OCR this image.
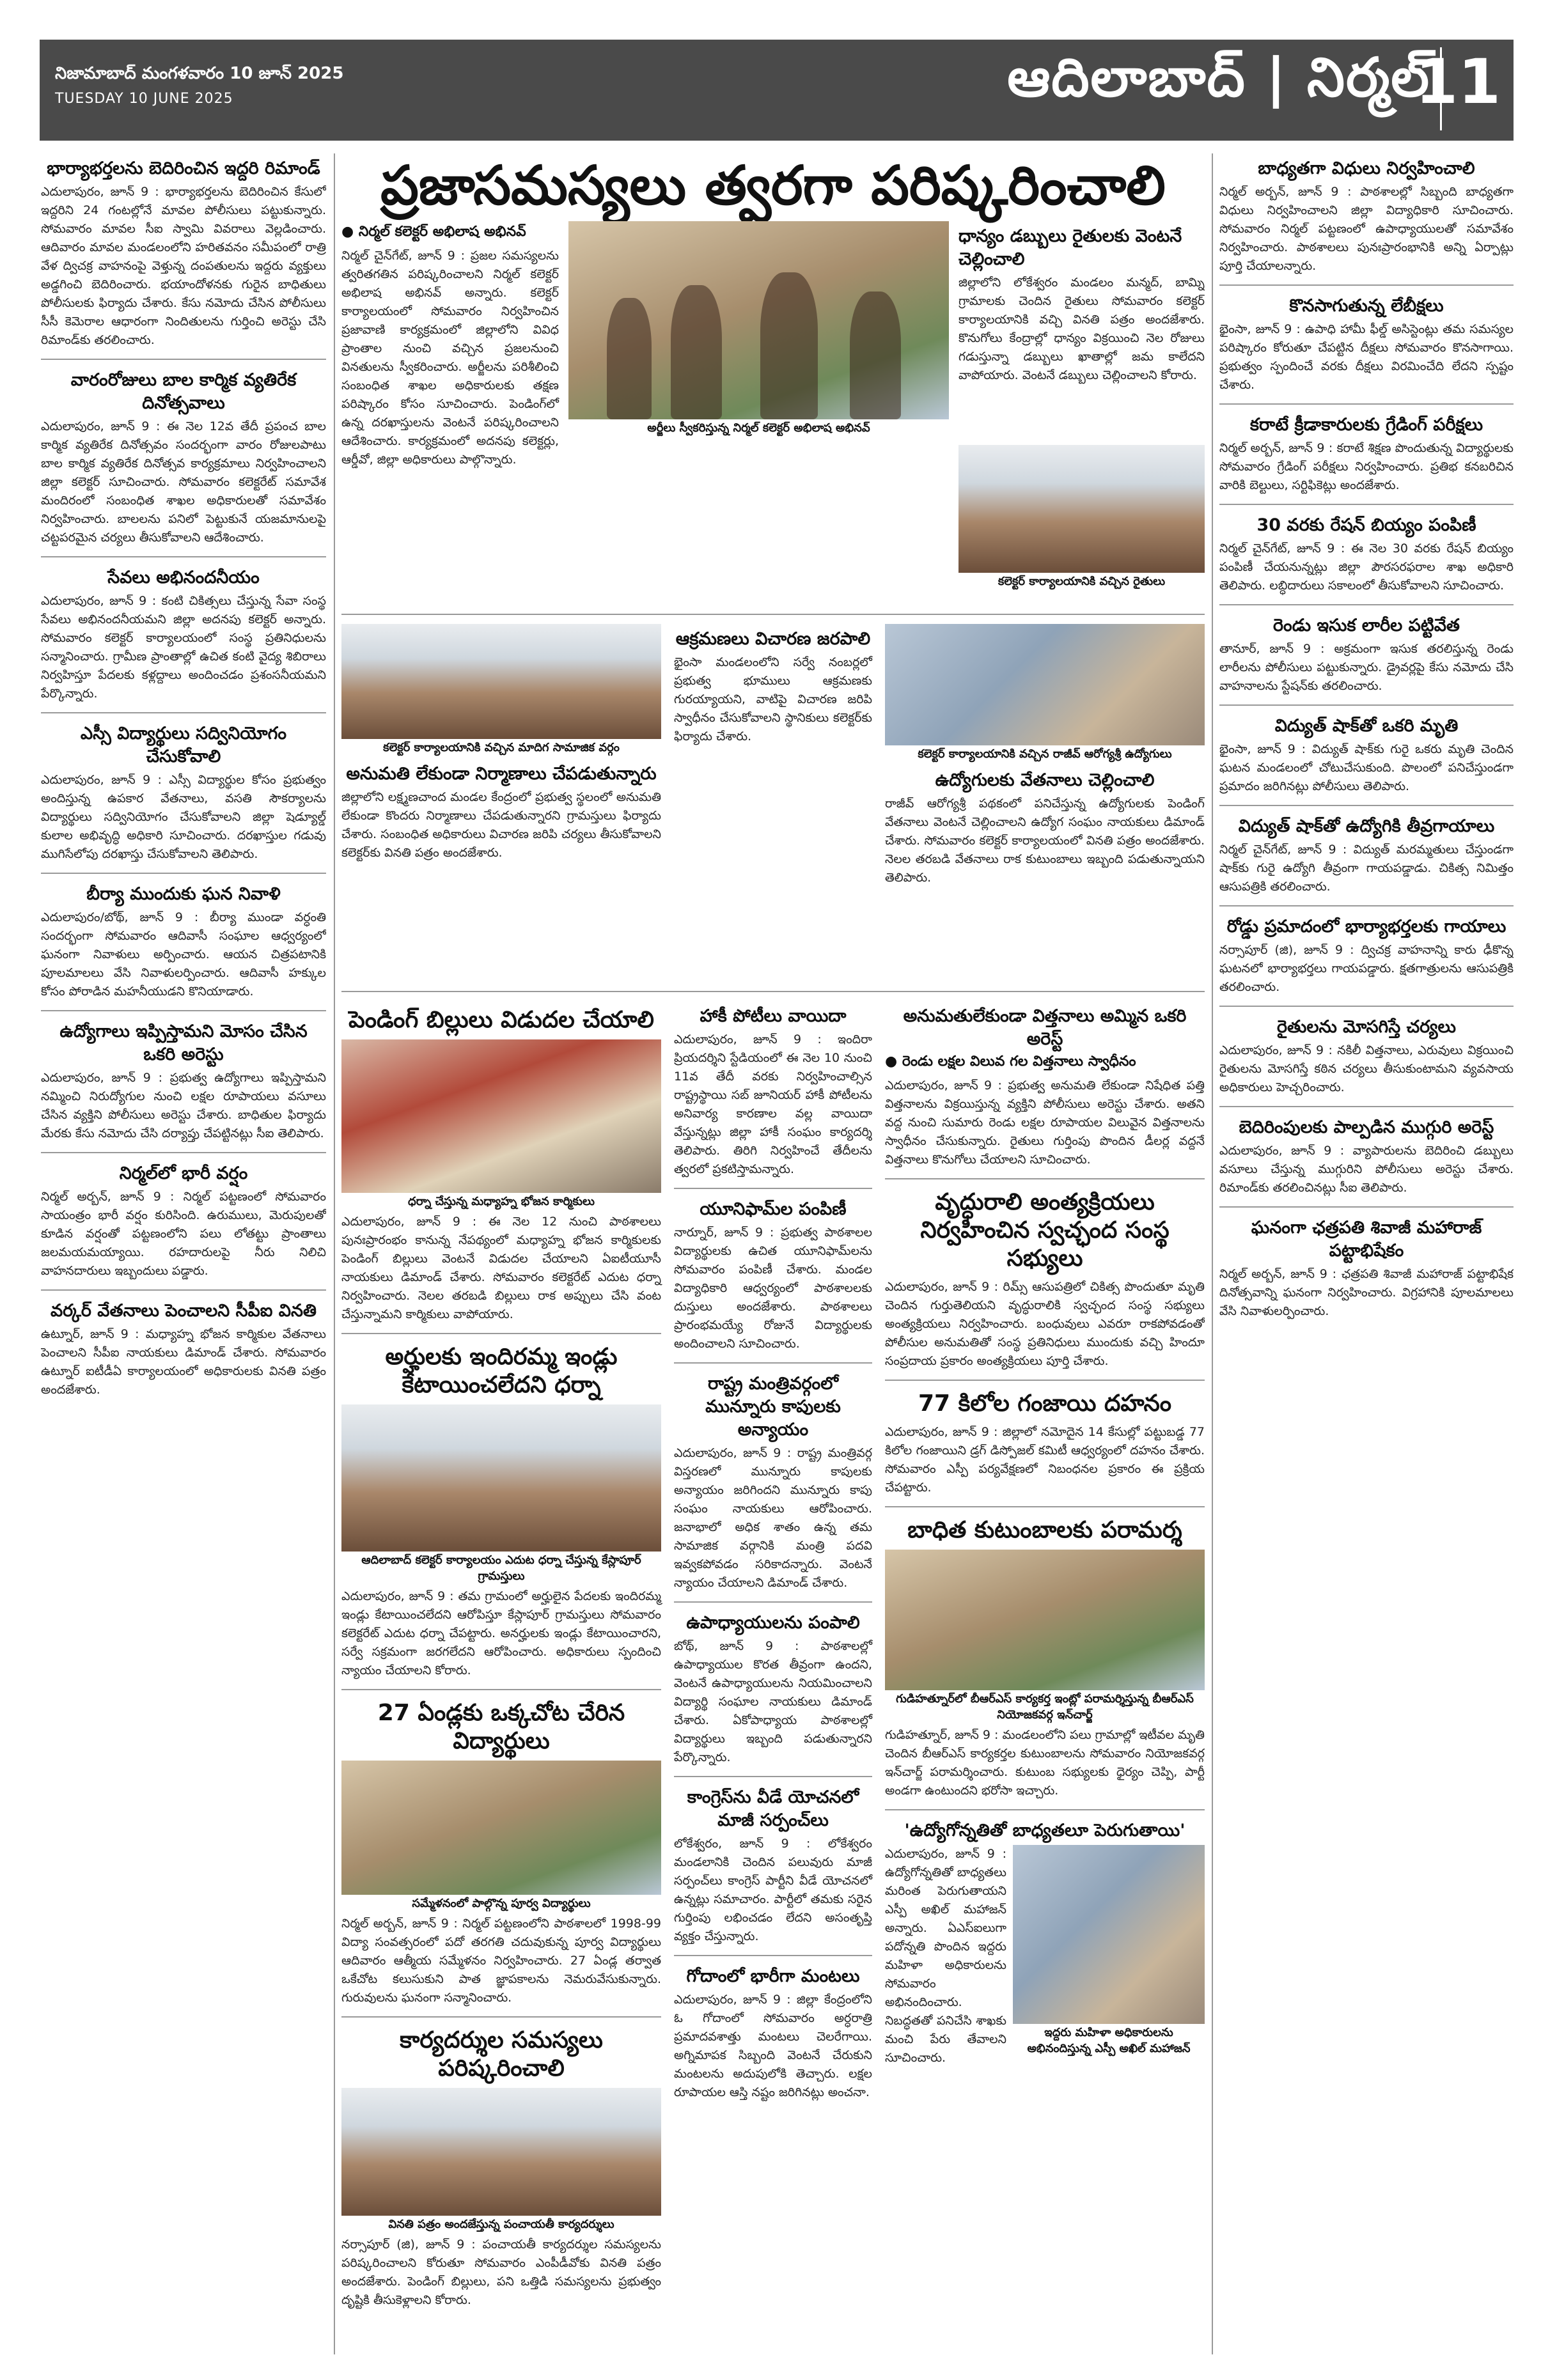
నిజామాబాద్ మంగళవారం 10 జూన్ 2025
TUESDAY 10 JUNE 2025	ఆదిలాబాద్ | నిర్మల్
11
భార్యాభర్తలను బెదిరించిన ఇద్దరి రిమాండ్

ఎదులాపురం, జూన్ 9 : భార్యాభర్తలను బెదిరించిన కేసులో ఇద్దరిని 24 గంటల్లోనే మావల పోలీసులు పట్టుకున్నారు. సోమవారం మావల సీఐ స్వామి వివరాలు వెల్లడించారు. ఆదివారం మావల మండలంలోని హరితవనం సమీపంలో రాత్రి వేళ ద్విచక్ర వాహనంపై వెళ్తున్న దంపతులను ఇద్దరు వ్యక్తులు అడ్డగించి బెదిరించారు. భయాందోళనకు గురైన బాధితులు పోలీసులకు ఫిర్యాదు చేశారు. కేసు నమోదు చేసిన పోలీసులు సీసీ కెమెరాల ఆధారంగా నిందితులను గుర్తించి అరెస్టు చేసి రిమాండ్‌కు తరలించారు.

వారంరోజులు బాల కార్మిక వ్యతిరేక దినోత్సవాలు

ఎదులాపురం, జూన్ 9 : ఈ నెల 12వ తేదీ ప్రపంచ బాల కార్మిక వ్యతిరేక దినోత్సవం సందర్భంగా వారం రోజులపాటు బాల కార్మిక వ్యతిరేక దినోత్సవ కార్యక్రమాలు నిర్వహించాలని జిల్లా కలెక్టర్ సూచించారు. సోమవారం కలెక్టరేట్ సమావేశ మందిరంలో సంబంధిత శాఖల అధికారులతో సమావేశం నిర్వహించారు. బాలలను పనిలో పెట్టుకునే యజమానులపై చట్టపరమైన చర్యలు తీసుకోవాలని ఆదేశించారు.

సేవలు అభినందనీయం

ఎదులాపురం, జూన్ 9 : కంటి చికిత్సలు చేస్తున్న సేవా సంస్థ సేవలు అభినందనీయమని జిల్లా అదనపు కలెక్టర్ అన్నారు. సోమవారం కలెక్టర్ కార్యాలయంలో సంస్థ ప్రతినిధులను సన్మానించారు. గ్రామీణ ప్రాంతాల్లో ఉచిత కంటి వైద్య శిబిరాలు నిర్వహిస్తూ పేదలకు కళ్లద్దాలు అందించడం ప్రశంసనీయమని పేర్కొన్నారు.

ఎస్సీ విద్యార్థులు సద్వినియోగం చేసుకోవాలి

ఎదులాపురం, జూన్ 9 : ఎస్సీ విద్యార్థుల కోసం ప్రభుత్వం అందిస్తున్న ఉపకార వేతనాలు, వసతి సౌకర్యాలను విద్యార్థులు సద్వినియోగం చేసుకోవాలని జిల్లా షెడ్యూల్డ్ కులాల అభివృద్ధి అధికారి సూచించారు. దరఖాస్తుల గడువు ముగిసేలోపు దరఖాస్తు చేసుకోవాలని తెలిపారు.

బీర్యా ముందుకు ఘన నివాళి

ఎదులాపురం/బోథ్, జూన్ 9 : బీర్యా ముండా వర్ధంతి సందర్భంగా సోమవారం ఆదివాసీ సంఘాల ఆధ్వర్యంలో ఘనంగా నివాళులు అర్పించారు. ఆయన చిత్రపటానికి పూలమాలలు వేసి నివాళులర్పించారు. ఆదివాసీ హక్కుల కోసం పోరాడిన మహనీయుడని కొనియాడారు.

ఉద్యోగాలు ఇప్పిస్తామని మోసం చేసిన ఒకరి అరెస్టు

ఎదులాపురం, జూన్ 9 : ప్రభుత్వ ఉద్యోగాలు ఇప్పిస్తామని నమ్మించి నిరుద్యోగుల నుంచి లక్షల రూపాయలు వసూలు చేసిన వ్యక్తిని పోలీసులు అరెస్టు చేశారు. బాధితుల ఫిర్యాదు మేరకు కేసు నమోదు చేసి దర్యాప్తు చేపట్టినట్లు సీఐ తెలిపారు.

నిర్మల్‌లో భారీ వర్షం

నిర్మల్ అర్బన్, జూన్ 9 : నిర్మల్ పట్టణంలో సోమవారం సాయంత్రం భారీ వర్షం కురిసింది. ఉరుములు, మెరుపులతో కూడిన వర్షంతో పట్టణంలోని పలు లోతట్టు ప్రాంతాలు జలమయమయ్యాయి. రహదారులపై నీరు నిలిచి వాహనదారులు ఇబ్బందులు పడ్డారు.

వర్కర్ వేతనాలు పెంచాలని సీపీఐ వినతి

ఉట్నూర్, జూన్ 9 : మధ్యాహ్న భోజన కార్మికుల వేతనాలు పెంచాలని సీపీఐ నాయకులు డిమాండ్ చేశారు. సోమవారం ఉట్నూర్ ఐటీడీఏ కార్యాలయంలో అధికారులకు వినతి పత్రం అందజేశారు.

ప్రజాసమస్యలు త్వరగా పరిష్కరించాలి
● నిర్మల్ కలెక్టర్ అభిలాష అభినవ్

నిర్మల్ చైన్‌గేట్, జూన్ 9 : ప్రజల సమస్యలను త్వరితగతిన పరిష్కరించాలని నిర్మల్ కలెక్టర్ అభిలాష అభినవ్ అన్నారు. కలెక్టర్ కార్యాలయంలో సోమవారం నిర్వహించిన ప్రజావాణి కార్యక్రమంలో జిల్లాలోని వివిధ ప్రాంతాల నుంచి వచ్చిన ప్రజలనుంచి వినతులను స్వీకరించారు. అర్జీలను పరిశీలించి సంబంధిత శాఖల అధికారులకు తక్షణ పరిష్కారం కోసం సూచించారు. పెండింగ్‌లో ఉన్న దరఖాస్తులను వెంటనే పరిష్కరించాలని ఆదేశించారు. కార్యక్రమంలో అదనపు కలెక్టర్లు, ఆర్డీవో, జిల్లా అధికారులు పాల్గొన్నారు.

అర్జీలు స్వీకరిస్తున్న నిర్మల్ కలెక్టర్ అభిలాష అభినవ్
ధాన్యం డబ్బులు రైతులకు వెంటనే చెల్లించాలి

జిల్లాలోని లోకేశ్వరం మండలం మన్మద్, బామ్ని గ్రామాలకు చెందిన రైతులు సోమవారం కలెక్టర్ కార్యాలయానికి వచ్చి వినతి పత్రం అందజేశారు. కొనుగోలు కేంద్రాల్లో ధాన్యం విక్రయించి నెల రోజులు గడుస్తున్నా డబ్బులు ఖాతాల్లో జమ కాలేదని వాపోయారు. వెంటనే డబ్బులు చెల్లించాలని కోరారు.

కలెక్టర్ కార్యాలయానికి వచ్చిన రైతులు
కలెక్టర్ కార్యాలయానికి వచ్చిన మాదిగ సామాజిక వర్గం
అనుమతి లేకుండా నిర్మాణాలు చేపడుతున్నారు

జిల్లాలోని లక్ష్మణచాంద మండల కేంద్రంలో ప్రభుత్వ స్థలంలో అనుమతి లేకుండా కొందరు నిర్మాణాలు చేపడుతున్నారని గ్రామస్తులు ఫిర్యాదు చేశారు. సంబంధిత అధికారులు విచారణ జరిపి చర్యలు తీసుకోవాలని కలెక్టర్‌కు వినతి పత్రం అందజేశారు.

ఆక్రమణలు విచారణ జరపాలి

భైంసా మండలంలోని సర్వే నంబర్లలో ప్రభుత్వ భూములు ఆక్రమణకు గురయ్యాయని, వాటిపై విచారణ జరిపి స్వాధీనం చేసుకోవాలని స్థానికులు కలెక్టర్‌కు ఫిర్యాదు చేశారు.

కలెక్టర్ కార్యాలయానికి వచ్చిన రాజీవ్ ఆరోగ్యశ్రీ ఉద్యోగులు
ఉద్యోగులకు వేతనాలు చెల్లించాలి

రాజీవ్ ఆరోగ్యశ్రీ పథకంలో పనిచేస్తున్న ఉద్యోగులకు పెండింగ్ వేతనాలు వెంటనే చెల్లించాలని ఉద్యోగ సంఘం నాయకులు డిమాండ్ చేశారు. సోమవారం కలెక్టర్ కార్యాలయంలో వినతి పత్రం అందజేశారు. నెలల తరబడి వేతనాలు రాక కుటుంబాలు ఇబ్బంది పడుతున్నాయని తెలిపారు.

పెండింగ్ బిల్లులు విడుదల చేయాలి
ధర్నా చేస్తున్న మధ్యాహ్న భోజన కార్మికులు

ఎదులాపురం, జూన్ 9 : ఈ నెల 12 నుంచి పాఠశాలలు పునఃప్రారంభం కానున్న నేపథ్యంలో మధ్యాహ్న భోజన కార్మికులకు పెండింగ్ బిల్లులు వెంటనే విడుదల చేయాలని ఏఐటీయూసీ నాయకులు డిమాండ్ చేశారు. సోమవారం కలెక్టరేట్ ఎదుట ధర్నా నిర్వహించారు. నెలల తరబడి బిల్లులు రాక అప్పులు చేసి వంట చేస్తున్నామని కార్మికులు వాపోయారు.

అర్హులకు ఇందిరమ్మ ఇండ్లు కేటాయించలేదని ధర్నా
ఆదిలాబాద్ కలెక్టర్ కార్యాలయం ఎదుట ధర్నా చేస్తున్న కేస్లాపూర్ గ్రామస్తులు

ఎదులాపురం, జూన్ 9 : తమ గ్రామంలో అర్హులైన పేదలకు ఇందిరమ్మ ఇండ్లు కేటాయించలేదని ఆరోపిస్తూ కేస్లాపూర్ గ్రామస్తులు సోమవారం కలెక్టరేట్ ఎదుట ధర్నా చేపట్టారు. అనర్హులకు ఇండ్లు కేటాయించారని, సర్వే సక్రమంగా జరగలేదని ఆరోపించారు. అధికారులు స్పందించి న్యాయం చేయాలని కోరారు.

27 ఏండ్లకు ఒక్కచోట చేరిన విద్యార్థులు
సమ్మేళనంలో పాల్గొన్న పూర్వ విద్యార్థులు

నిర్మల్ అర్బన్, జూన్ 9 : నిర్మల్ పట్టణంలోని పాఠశాలలో 1998-99 విద్యా సంవత్సరంలో పదో తరగతి చదువుకున్న పూర్వ విద్యార్థులు ఆదివారం ఆత్మీయ సమ్మేళనం నిర్వహించారు. 27 ఏండ్ల తర్వాత ఒకేచోట కలుసుకుని పాత జ్ఞాపకాలను నెమరువేసుకున్నారు. గురువులను ఘనంగా సన్మానించారు.

కార్యదర్శుల సమస్యలు పరిష్కరించాలి
వినతి పత్రం అందజేస్తున్న పంచాయతీ కార్యదర్శులు

నర్సాపూర్ (జి), జూన్ 9 : పంచాయతీ కార్యదర్శుల సమస్యలను పరిష్కరించాలని కోరుతూ సోమవారం ఎంపీడీవోకు వినతి పత్రం అందజేశారు. పెండింగ్ బిల్లులు, పని ఒత్తిడి సమస్యలను ప్రభుత్వం దృష్టికి తీసుకెళ్లాలని కోరారు.

హాకీ పోటీలు వాయిదా

ఎదులాపురం, జూన్ 9 : ఇందిరా ప్రియదర్శిని స్టేడియంలో ఈ నెల 10 నుంచి 11వ తేదీ వరకు నిర్వహించాల్సిన రాష్ట్రస్థాయి సబ్ జూనియర్ హాకీ పోటీలను అనివార్య కారణాల వల్ల వాయిదా వేస్తున్నట్లు జిల్లా హాకీ సంఘం కార్యదర్శి తెలిపారు. తిరిగి నిర్వహించే తేదీలను త్వరలో ప్రకటిస్తామన్నారు.

యూనిఫామ్‌ల పంపిణీ

నార్నూర్, జూన్ 9 : ప్రభుత్వ పాఠశాలల విద్యార్థులకు ఉచిత యూనిఫామ్‌లను సోమవారం పంపిణీ చేశారు. మండల విద్యాధికారి ఆధ్వర్యంలో పాఠశాలలకు దుస్తులు అందజేశారు. పాఠశాలలు ప్రారంభమయ్యే రోజునే విద్యార్థులకు అందించాలని సూచించారు.

రాష్ట్ర మంత్రివర్గంలో మున్నూరు కాపులకు అన్యాయం

ఎదులాపురం, జూన్ 9 : రాష్ట్ర మంత్రివర్గ విస్తరణలో మున్నూరు కాపులకు అన్యాయం జరిగిందని మున్నూరు కాపు సంఘం నాయకులు ఆరోపించారు. జనాభాలో అధిక శాతం ఉన్న తమ సామాజిక వర్గానికి మంత్రి పదవి ఇవ్వకపోవడం సరికాదన్నారు. వెంటనే న్యాయం చేయాలని డిమాండ్ చేశారు.

ఉపాధ్యాయులను పంపాలి

బోథ్, జూన్ 9 : పాఠశాలల్లో ఉపాధ్యాయుల కొరత తీవ్రంగా ఉందని, వెంటనే ఉపాధ్యాయులను నియమించాలని విద్యార్థి సంఘాల నాయకులు డిమాండ్ చేశారు. ఏకోపాధ్యాయ పాఠశాలల్లో విద్యార్థులు ఇబ్బంది పడుతున్నారని పేర్కొన్నారు.

కాంగ్రెస్‌ను వీడే యోచనలో మాజీ సర్పంచ్‌లు

లోకేశ్వరం, జూన్ 9 : లోకేశ్వరం మండలానికి చెందిన పలువురు మాజీ సర్పంచ్‌లు కాంగ్రెస్ పార్టీని వీడే యోచనలో ఉన్నట్లు సమాచారం. పార్టీలో తమకు సరైన గుర్తింపు లభించడం లేదని అసంతృప్తి వ్యక్తం చేస్తున్నారు.

గోదాంలో భారీగా మంటలు

ఎదులాపురం, జూన్ 9 : జిల్లా కేంద్రంలోని ఓ గోదాంలో సోమవారం అర్ధరాత్రి ప్రమాదవశాత్తు మంటలు చెలరేగాయి. అగ్నిమాపక సిబ్బంది వెంటనే చేరుకుని మంటలను అదుపులోకి తెచ్చారు. లక్షల రూపాయల ఆస్తి నష్టం జరిగినట్లు అంచనా.

అనుమతులేకుండా విత్తనాలు అమ్మిన ఒకరి అరెస్ట్
● రెండు లక్షల విలువ గల విత్తనాలు స్వాధీనం

ఎదులాపురం, జూన్ 9 : ప్రభుత్వ అనుమతి లేకుండా నిషేధిత పత్తి విత్తనాలను విక్రయిస్తున్న వ్యక్తిని పోలీసులు అరెస్టు చేశారు. అతని వద్ద నుంచి సుమారు రెండు లక్షల రూపాయల విలువైన విత్తనాలను స్వాధీనం చేసుకున్నారు. రైతులు గుర్తింపు పొందిన డీలర్ల వద్దనే విత్తనాలు కొనుగోలు చేయాలని సూచించారు.

వృద్ధురాలి అంత్యక్రియలు నిర్వహించిన స్వచ్ఛంద సంస్థ సభ్యులు

ఎదులాపురం, జూన్ 9 : రిమ్స్ ఆసుపత్రిలో చికిత్స పొందుతూ మృతి చెందిన గుర్తుతెలియని వృద్ధురాలికి స్వచ్ఛంద సంస్థ సభ్యులు అంత్యక్రియలు నిర్వహించారు. బంధువులు ఎవరూ రాకపోవడంతో పోలీసుల అనుమతితో సంస్థ ప్రతినిధులు ముందుకు వచ్చి హిందూ సంప్రదాయ ప్రకారం అంత్యక్రియలు పూర్తి చేశారు.

77 కిలోల గంజాయి దహనం

ఎదులాపురం, జూన్ 9 : జిల్లాలో నమోదైన 14 కేసుల్లో పట్టుబడ్డ 77 కిలోల గంజాయిని డ్రగ్ డిస్పోజల్ కమిటీ ఆధ్వర్యంలో దహనం చేశారు. సోమవారం ఎస్పీ పర్యవేక్షణలో నిబంధనల ప్రకారం ఈ ప్రక్రియ చేపట్టారు.

బాధిత కుటుంబాలకు పరామర్శ
గుడిహత్నూర్‌లో బీఆర్ఎస్ కార్యకర్త ఇంట్లో పరామర్శిస్తున్న బీఆర్ఎస్ నియోజకవర్గ ఇన్‌చార్జ్

గుడిహత్నూర్, జూన్ 9 : మండలంలోని పలు గ్రామాల్లో ఇటీవల మృతి చెందిన బీఆర్ఎస్ కార్యకర్తల కుటుంబాలను సోమవారం నియోజకవర్గ ఇన్‌చార్జ్ పరామర్శించారు. కుటుంబ సభ్యులకు ధైర్యం చెప్పి, పార్టీ అండగా ఉంటుందని భరోసా ఇచ్చారు.

'ఉద్యోగోన్నతితో బాధ్యతలూ పెరుగుతాయి'

ఎదులాపురం, జూన్ 9 : ఉద్యోగోన్నతితో బాధ్యతలు మరింత పెరుగుతాయని ఎస్పీ అఖిల్ మహాజన్ అన్నారు. ఏఎస్‌ఐలుగా పదోన్నతి పొందిన ఇద్దరు మహిళా అధికారులను సోమవారం అభినందించారు. నిబద్ధతతో పనిచేసి శాఖకు మంచి పేరు తేవాలని సూచించారు.

ఇద్దరు మహిళా అధికారులను అభినందిస్తున్న ఎస్పీ అఖిల్ మహాజన్
బాధ్యతగా విధులు నిర్వహించాలి

నిర్మల్ అర్బన్, జూన్ 9 : పాఠశాలల్లో సిబ్బంది బాధ్యతగా విధులు నిర్వహించాలని జిల్లా విద్యాధికారి సూచించారు. సోమవారం నిర్మల్ పట్టణంలో ఉపాధ్యాయులతో సమావేశం నిర్వహించారు. పాఠశాలలు పునఃప్రారంభానికి అన్ని ఏర్పాట్లు పూర్తి చేయాలన్నారు.

కొనసాగుతున్న లేబీక్షలు

భైంసా, జూన్ 9 : ఉపాధి హామీ ఫీల్డ్ అసిస్టెంట్లు తమ సమస్యల పరిష్కారం కోరుతూ చేపట్టిన దీక్షలు సోమవారం కొనసాగాయి. ప్రభుత్వం స్పందించే వరకు దీక్షలు విరమించేది లేదని స్పష్టం చేశారు.

కరాటే క్రీడాకారులకు గ్రేడింగ్ పరీక్షలు

నిర్మల్ అర్బన్, జూన్ 9 : కరాటే శిక్షణ పొందుతున్న విద్యార్థులకు సోమవారం గ్రేడింగ్ పరీక్షలు నిర్వహించారు. ప్రతిభ కనబరిచిన వారికి బెల్టులు, సర్టిఫికెట్లు అందజేశారు.

30 వరకు రేషన్ బియ్యం పంపిణీ

నిర్మల్ చైన్‌గేట్, జూన్ 9 : ఈ నెల 30 వరకు రేషన్ బియ్యం పంపిణీ చేయనున్నట్లు జిల్లా పౌరసరఫరాల శాఖ అధికారి తెలిపారు. లబ్ధిదారులు సకాలంలో తీసుకోవాలని సూచించారు.

రెండు ఇసుక లారీల పట్టివేత

తానూర్, జూన్ 9 : అక్రమంగా ఇసుక తరలిస్తున్న రెండు లారీలను పోలీసులు పట్టుకున్నారు. డ్రైవర్లపై కేసు నమోదు చేసి వాహనాలను స్టేషన్‌కు తరలించారు.

విద్యుత్ షాక్‌తో ఒకరి మృతి

భైంసా, జూన్ 9 : విద్యుత్ షాక్‌కు గురై ఒకరు మృతి చెందిన ఘటన మండలంలో చోటుచేసుకుంది. పొలంలో పనిచేస్తుండగా ప్రమాదం జరిగినట్లు పోలీసులు తెలిపారు.

విద్యుత్ షాక్‌తో ఉద్యోగికి తీవ్రగాయాలు

నిర్మల్ చైన్‌గేట్, జూన్ 9 : విద్యుత్ మరమ్మతులు చేస్తుండగా షాక్‌కు గురై ఉద్యోగి తీవ్రంగా గాయపడ్డాడు. చికిత్స నిమిత్తం ఆసుపత్రికి తరలించారు.

రోడ్డు ప్రమాదంలో భార్యాభర్తలకు గాయాలు

నర్సాపూర్ (జి), జూన్ 9 : ద్విచక్ర వాహనాన్ని కారు ఢీకొన్న ఘటనలో భార్యాభర్తలు గాయపడ్డారు. క్షతగాత్రులను ఆసుపత్రికి తరలించారు.

రైతులను మోసగిస్తే చర్యలు

ఎదులాపురం, జూన్ 9 : నకిలీ విత్తనాలు, ఎరువులు విక్రయించి రైతులను మోసగిస్తే కఠిన చర్యలు తీసుకుంటామని వ్యవసాయ అధికారులు హెచ్చరించారు.

బెదిరింపులకు పాల్పడిన ముగ్గురి అరెస్ట్

ఎదులాపురం, జూన్ 9 : వ్యాపారులను బెదిరించి డబ్బులు వసూలు చేస్తున్న ముగ్గురిని పోలీసులు అరెస్టు చేశారు. రిమాండ్‌కు తరలించినట్లు సీఐ తెలిపారు.

ఘనంగా ఛత్రపతి శివాజీ మహారాజ్ పట్టాభిషేకం

నిర్మల్ అర్బన్, జూన్ 9 : ఛత్రపతి శివాజీ మహారాజ్ పట్టాభిషేక దినోత్సవాన్ని ఘనంగా నిర్వహించారు. విగ్రహానికి పూలమాలలు వేసి నివాళులర్పించారు.
